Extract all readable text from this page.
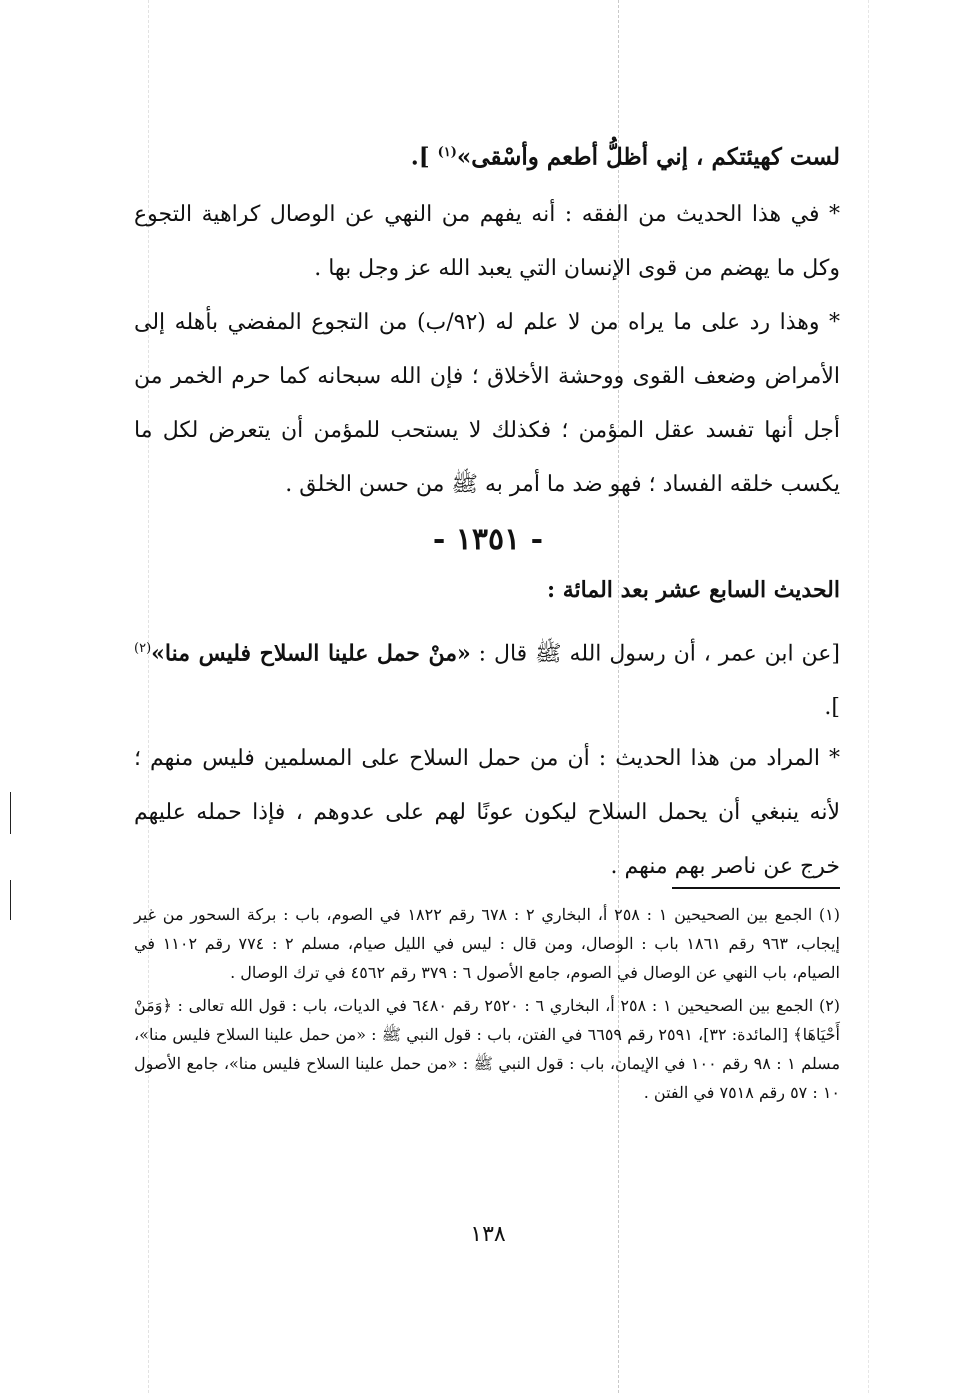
لست كهيئتكم ، إني أظلُّ أطعم وأسْقى»$^{(١)}$ ].
* في هذا الحديث من الفقه : أنه يفهم من النهي عن الوصال كراهية التجوع وكل ما يهضم من قوى الإنسان التي يعبد الله عز وجل بها .
* وهذا رد على ما يراه من لا علم له (٩٢/ب) من التجوع المفضي بأهله إلى الأمراض وضعف القوى ووحشة الأخلاق ؛ فإن الله سبحانه كما حرم الخمر من أجل أنها تفسد عقل المؤمن ؛ فكذلك لا يستحب للمؤمن أن يتعرض لكل ما يكسب خلقه الفساد ؛ فهو ضد ما أمر به ﷺ من حسن الخلق .
- ١٣٥١ -
الحديث السابع عشر بعد المائة :
[عن ابن عمر ، أن رسول الله ﷺ قال : «منْ حمل علينا السلاح فليس منا»$^{(٢)}$ ].
* المراد من هذا الحديث : أن من حمل السلاح على المسلمين فليس منهم ؛ لأنه ينبغي أن يحمل السلاح ليكون عونًا لهم على عدوهم ، فإذا حمله عليهم خرج عن ناصر بهم منهم .
(١) الجمع بين الصحيحين ١ : ٢٥٨ أ، البخاري ٢ : ٦٧٨ رقم ١٨٢٢ في الصوم، باب : بركة السحور من غير إيجاب، ٩٦٣ رقم ١٨٦١ باب : الوصال، ومن قال : ليس في الليل صيام، مسلم ٢ : ٧٧٤ رقم ١١٠٢ في الصيام، باب النهي عن الوصال في الصوم، جامع الأصول ٦ : ٣٧٩ رقم ٤٥٦٢ في ترك الوصال .
(٢) الجمع بين الصحيحين ١ : ٢٥٨ أ، البخاري ٦ : ٢٥٢٠ رقم ٦٤٨٠ في الديات، باب : قول الله تعالى : ﴿وَمَنْ أَحْيَاهَا﴾ [المائدة: ٣٢]، ٢٥٩١ رقم ٦٦٥٩ في الفتن، باب : قول النبي ﷺ : «من حمل علينا السلاح فليس منا»، مسلم ١ : ٩٨ رقم ١٠٠ في الإيمان، باب : قول النبي ﷺ : «من حمل علينا السلاح فليس منا»، جامع الأصول ١٠ : ٥٧ رقم ٧٥١٨ في الفتن .
١٣٨
